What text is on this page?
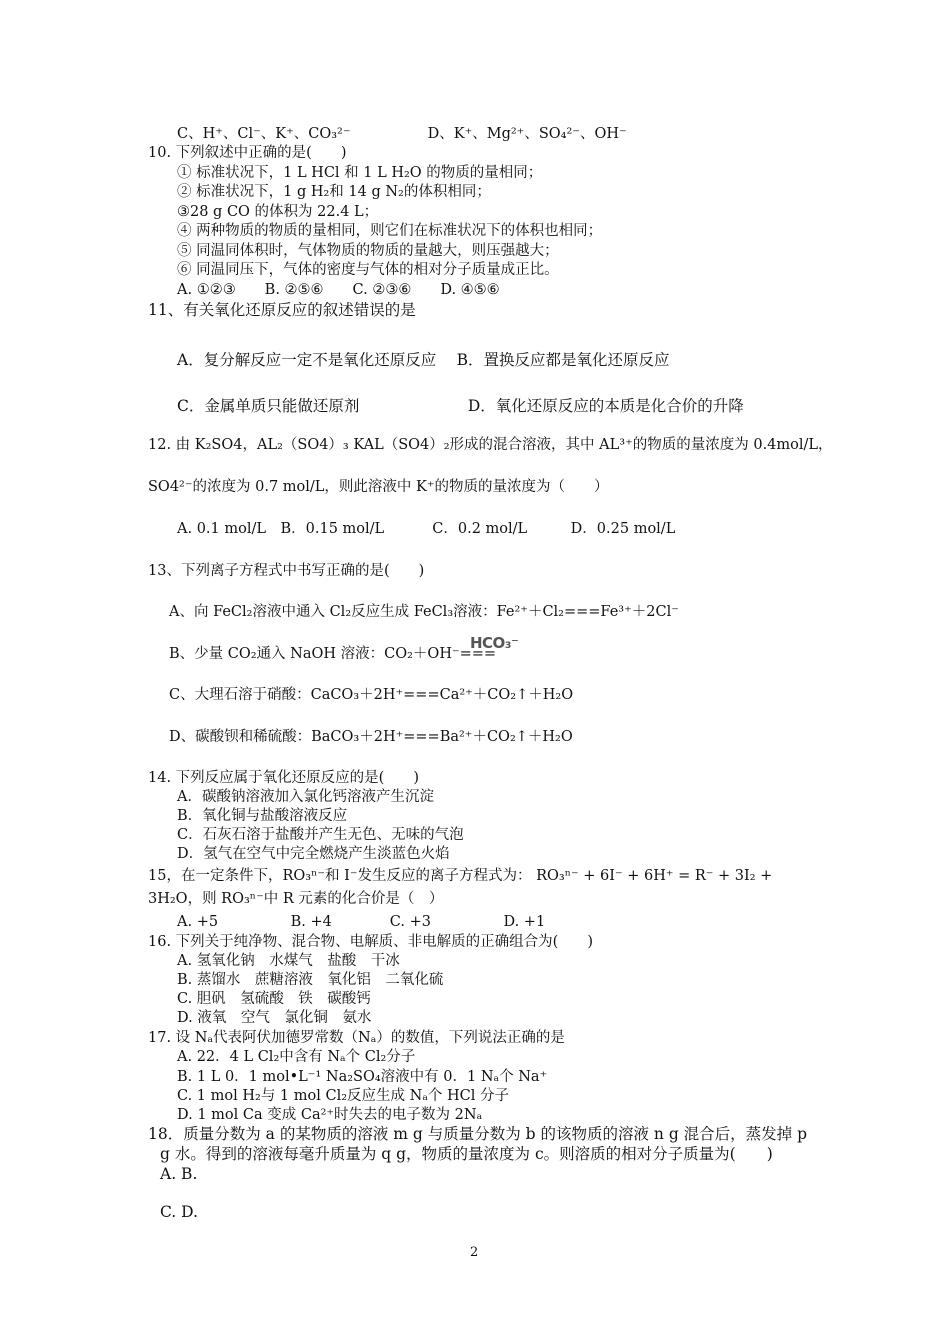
C、H⁺、Cl⁻、K⁺、CO₃²⁻　　　　　 D、K⁺、Mg²⁺、SO₄²⁻、OH⁻
10. 下列叙述中正确的是(　　)
① 标准状况下，1 L HCl 和 1 L H₂O 的物质的量相同；
② 标准状况下，1 g H₂和 14 g N₂的体积相同；
③28 g CO 的体积为 22.4 L；
④ 两种物质的物质的量相同，则它们在标准状况下的体积也相同；
⑤ 同温同体积时，气体物质的物质的量越大，则压强越大；
⑥ 同温同压下，气体的密度与气体的相对分子质量成正比。
A. ①②③　　B. ②⑤⑥　　C. ②③⑥　　D. ④⑤⑥
11、有关氧化还原反应的叙述错误的是
A．复分解反应一定不是氧化还原反应　 B．置换反应都是氧化还原反应
C．金属单质只能做还原剂　　　　　　　D．氧化还原反应的本质是化合价的升降
12. 由 K₂SO4，AL₂（SO4）₃ KAL（SO4）₂形成的混合溶液，其中 AL³⁺的物质的量浓度为 0.4mol/L，
SO4²⁻的浓度为 0.7 mol/L，则此溶液中 K⁺的物质的量浓度为（　　）
A. 0.1 mol/L　B．0.15 mol/L　　　 C．0.2 mol/L　　　D．0.25 mol/L
13、下列离子方程式中书写正确的是(　　)
A、向 FeCl₂溶液中通入 Cl₂反应生成 FeCl₃溶液：Fe²⁺＋Cl₂===Fe³⁺＋2Cl⁻
B、少量 CO₂通入 NaOH 溶液：CO₂＋OH⁻===
HCO₃⁻
C、大理石溶于硝酸：CaCO₃＋2H⁺===Ca²⁺＋CO₂↑＋H₂O
D、碳酸钡和稀硫酸：BaCO₃＋2H⁺===Ba²⁺＋CO₂↑＋H₂O
14. 下列反应属于氧化还原反应的是(　　)
A．碳酸钠溶液加入氯化钙溶液产生沉淀
B．氧化铜与盐酸溶液反应
C．石灰石溶于盐酸并产生无色、无味的气泡
D．氢气在空气中完全燃烧产生淡蓝色火焰
15，在一定条件下，RO₃ⁿ⁻和 I⁻发生反应的离子方程式为： RO₃ⁿ⁻ + 6I⁻ + 6H⁺ = R⁻ + 3I₂ +
3H₂O，则 RO₃ⁿ⁻中 R 元素的化合价是（　）
A. +5　　　　　B. +4　　　　C. +3　　　　　D. +1
16. 下列关于纯净物、混合物、电解质、非电解质的正确组合为(　　)
A. 氢氧化钠　水煤气　盐酸　干冰
B. 蒸馏水　蔗糖溶液　氧化铝　二氧化硫
C. 胆矾　氢硫酸　铁　碳酸钙
D. 液氧　空气　氯化铜　氨水
17. 设 Nₐ代表阿伏加德罗常数（Nₐ）的数值，下列说法正确的是
A. 22．4 L Cl₂中含有 Nₐ个 Cl₂分子
B. 1 L 0．1 mol•L⁻¹ Na₂SO₄溶液中有 0．1 Nₐ个 Na⁺
C. 1 mol H₂与 1 mol Cl₂反应生成 Nₐ个 HCl 分子
D. 1 mol Ca 变成 Ca²⁺时失去的电子数为 2Nₐ
18．质量分数为 a 的某物质的溶液 m g 与质量分数为 b 的该物质的溶液 n g 混合后，蒸发掉 p
g 水。得到的溶液每毫升质量为 q g，物质的量浓度为 c。则溶质的相对分子质量为(　　)
A. B.
C. D.
2
